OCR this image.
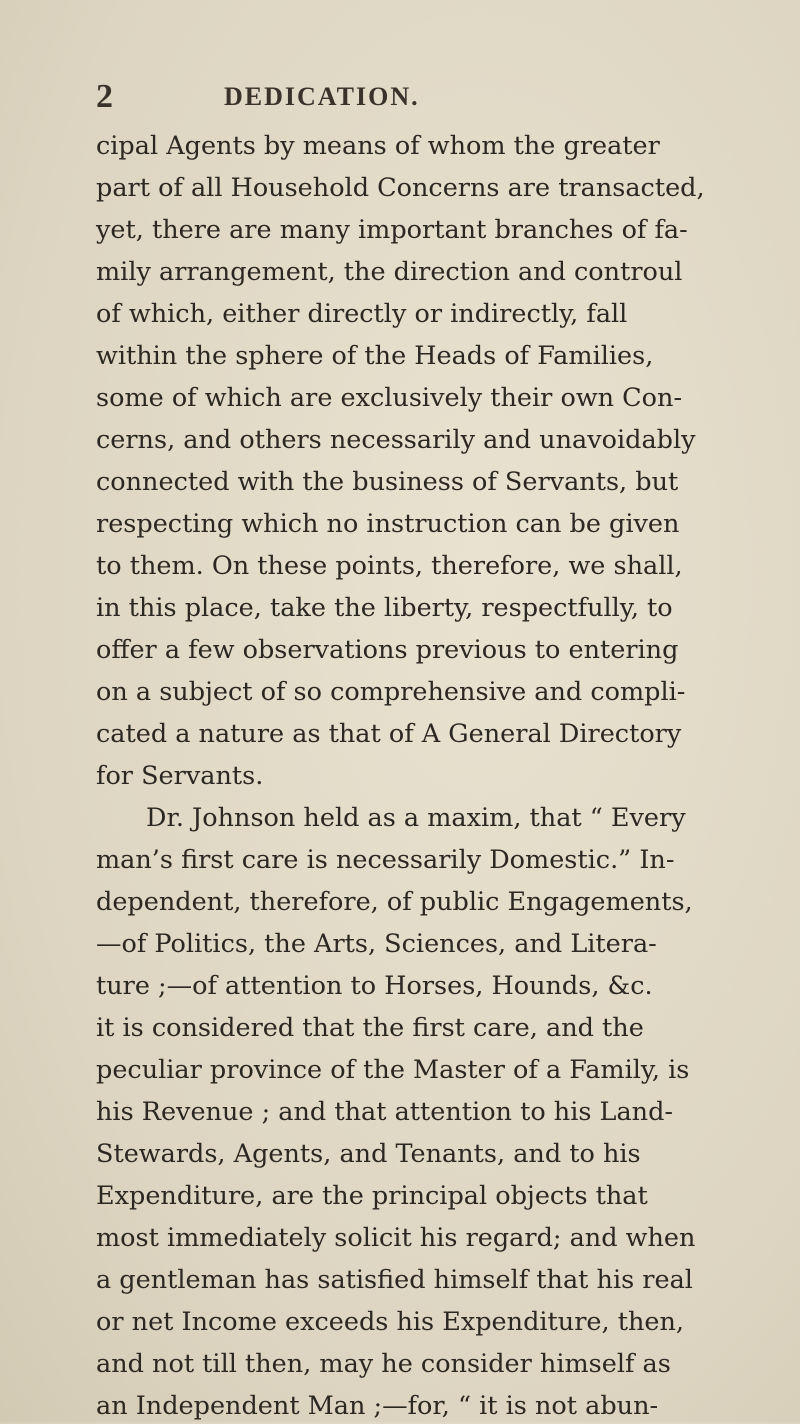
2	DEDICATION.
cipal Agents by means of whom the greater
part of all Household Concerns are transacted,
yet, there are many important branches of fa-
mily arrangement, the direction and controul
of which, either directly or indirectly, fall
within the sphere of the Heads of Families,
some of which are exclusively their own Con-
cerns, and others necessarily and unavoidably
connected with the business of Servants, but
respecting which no instruction can be given
to them. On these points, therefore, we shall,
in this place, take the liberty, respectfully, to
offer a few observations previous to entering
on a subject of so comprehensive and compli-
cated a nature as that of A General Directory
for Servants.
Dr. Johnson held as a maxim, that “ Every
man’s first care is necessarily Domestic.” In-
dependent, therefore, of public Engagements,
—of Politics, the Arts, Sciences, and Litera-
ture ;—of attention to Horses, Hounds, &c.
it is considered that the first care, and the
peculiar province of the Master of a Family, is
his Revenue ; and that attention to his Land-
Stewards, Agents, and Tenants, and to his
Expenditure, are the principal objects that
most immediately solicit his regard; and when
a gentleman has satisfied himself that his real
or net Income exceeds his Expenditure, then,
and not till then, may he consider himself as
an Independent Man ;—for, “ it is not abun-
